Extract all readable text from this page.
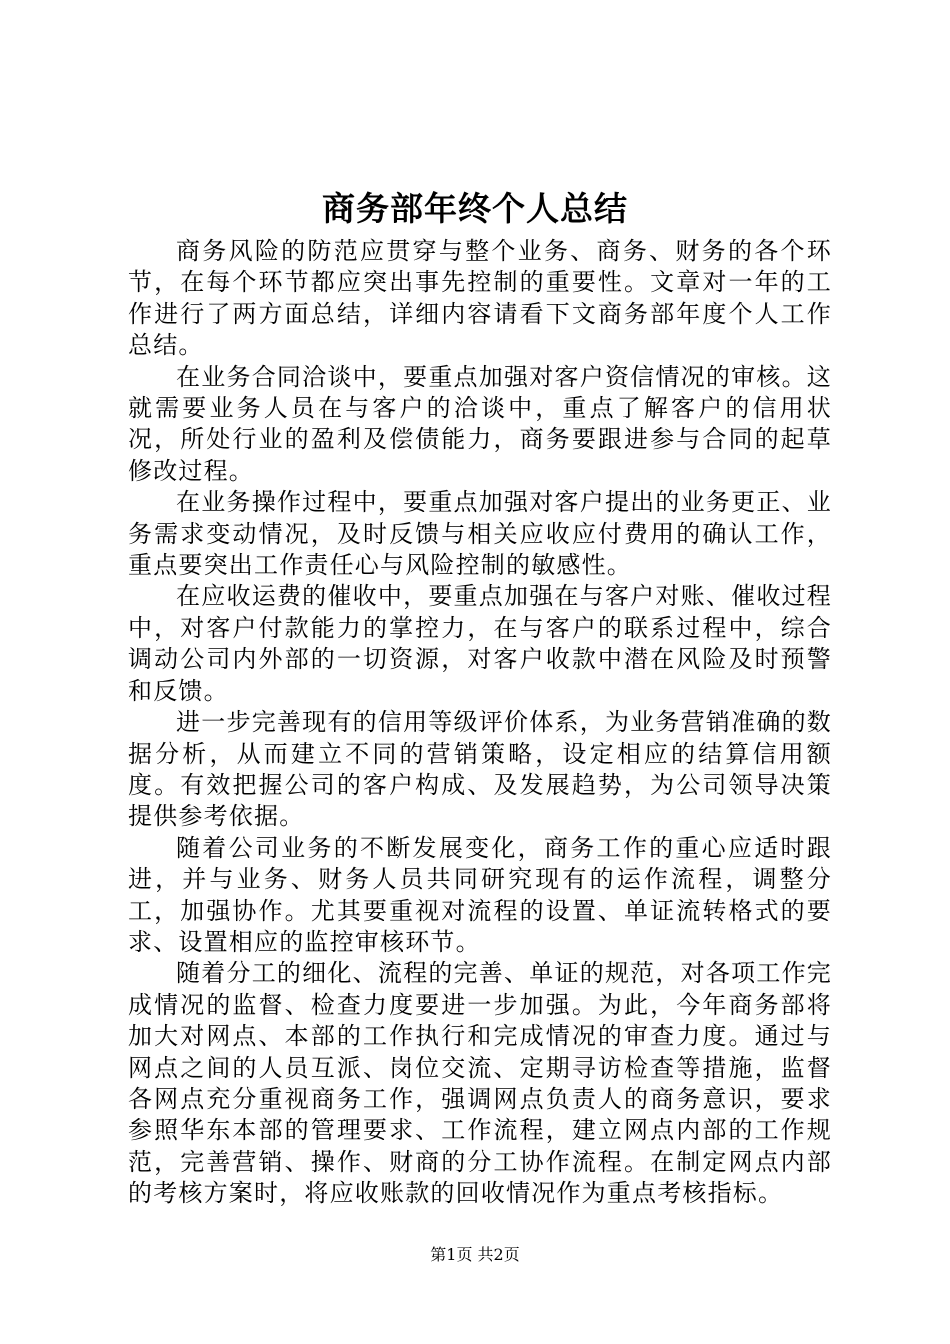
商务部年终个人总结

商务风险的防范应贯穿与整个业务、商务、财务的各个环节，在每个环节都应突出事先控制的重要性。文章对一年的工作进行了两方面总结，详细内容请看下文商务部年度个人工作总结。

在业务合同洽谈中，要重点加强对客户资信情况的审核。这就需要业务人员在与客户的洽谈中，重点了解客户的信用状况，所处行业的盈利及偿债能力，商务要跟进参与合同的起草修改过程。

在业务操作过程中，要重点加强对客户提出的业务更正、业务需求变动情况，及时反馈与相关应收应付费用的确认工作，重点要突出工作责任心与风险控制的敏感性。

在应收运费的催收中，要重点加强在与客户对账、催收过程中，对客户付款能力的掌控力，在与客户的联系过程中，综合调动公司内外部的一切资源，对客户收款中潜在风险及时预警和反馈。

进一步完善现有的信用等级评价体系，为业务营销准确的数据分析，从而建立不同的营销策略，设定相应的结算信用额度。有效把握公司的客户构成、及发展趋势，为公司领导决策提供参考依据。

随着公司业务的不断发展变化，商务工作的重心应适时跟进，并与业务、财务人员共同研究现有的运作流程，调整分工，加强协作。尤其要重视对流程的设置、单证流转格式的要求、设置相应的监控审核环节。

随着分工的细化、流程的完善、单证的规范，对各项工作完成情况的监督、检查力度要进一步加强。为此，今年商务部将加大对网点、本部的工作执行和完成情况的审查力度。通过与网点之间的人员互派、岗位交流、定期寻访检查等措施，监督各网点充分重视商务工作，强调网点负责人的商务意识，要求参照华东本部的管理要求、工作流程，建立网点内部的工作规范，完善营销、操作、财商的分工协作流程。在制定网点内部的考核方案时，将应收账款的回收情况作为重点考核指标。

第1页 共2页
